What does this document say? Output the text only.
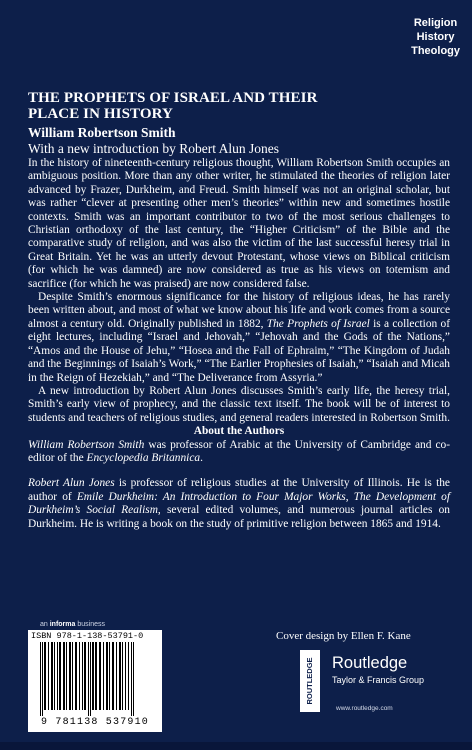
Religion
History
Theology
THE PROPHETS OF ISRAEL AND THEIR
PLACE IN HISTORY
William Robertson Smith
With a new introduction by Robert Alun Jones

In the history of nineteenth-century religious thought, William Robertson Smith occupies an ambiguous position. More than any other writer, he stimulated the theories of religion later advanced by Frazer, Durkheim, and Freud. Smith himself was not an original scholar, but was rather “clever at presenting other men’s theories” within new and sometimes hostile contexts. Smith was an important contributor to two of the most serious challenges to Christian orthodoxy of the last century, the “Higher Criticism” of the Bible and the comparative study of religion, and was also the victim of the last successful heresy trial in Great Britain. Yet he was an utterly devout Protestant, whose views on Biblical criticism (for which he was damned) are now considered as true as his views on totemism and sacrifice (for which he was praised) are now considered false.

Despite Smith’s enormous significance for the history of religious ideas, he has rarely been written about, and most of what we know about his life and work comes from a source almost a century old. Originally published in 1882, The Prophets of Israel is a collection of eight lectures, including “Israel and Jehovah,” “Jehovah and the Gods of the Nations,” “Amos and the House of Jehu,” “Hosea and the Fall of Ephraim,” “The Kingdom of Judah and the Beginnings of Isaiah’s Work,” “The Earlier Prophesies of Isaiah,” “Isaiah and Micah in the Reign of Hezekiah,” and “The Deliverance from Assyria.”

A new introduction by Robert Alun Jones discusses Smith’s early life, the heresy trial, Smith’s early view of prophecy, and the classic text itself. The book will be of interest to students and teachers of religious studies, and general readers interested in Robertson Smith.

About the Authors

William Robertson Smith was professor of Arabic at the University of Cambridge and co-editor of the Encyclopedia Britannica.

Robert Alun Jones is professor of religious studies at the University of Illinois. He is the author of Emile Durkheim: An Introduction to Four Major Works, The Development of Durkheim’s Social Realism, several edited volumes, and numerous journal articles on Durkheim. He is writing a book on the study of primitive religion between 1865 and 1914.

an informa business
ISBN 978-1-138-53791-0
9 781138 537910
Cover design by Ellen F. Kane
ROUTLEDGE Routledge
Taylor & Francis Group
www.routledge.com
